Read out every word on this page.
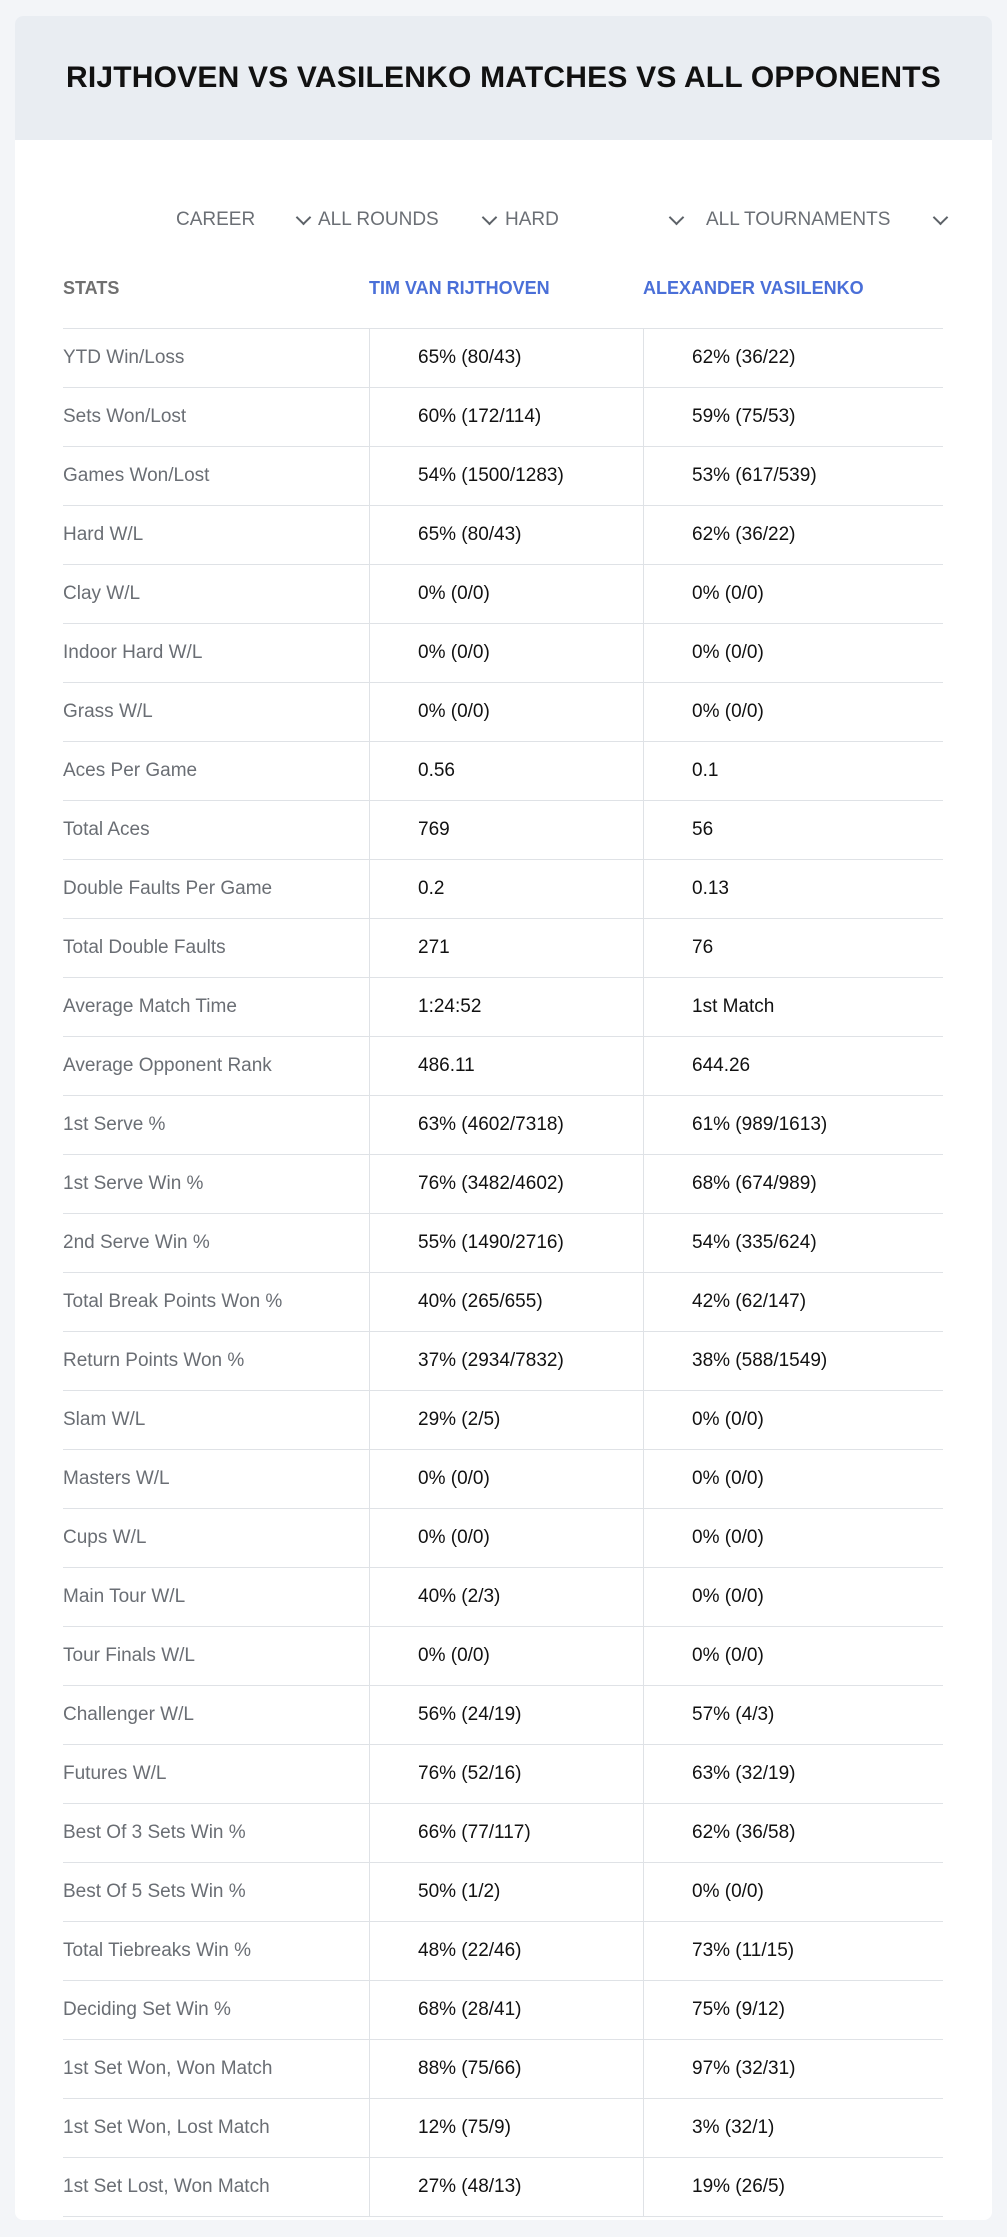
RIJTHOVEN VS VASILENKO MATCHES VS ALL OPPONENTS
CAREER	ALL ROUNDS	HARD	ALL TOURNAMENTS
STATS	TIM VAN RIJTHOVEN	ALEXANDER VASILENKO
YTD Win/Loss	65% (80/43)	62% (36/22)
Sets Won/Lost	60% (172/114)	59% (75/53)
Games Won/Lost	54% (1500/1283)	53% (617/539)
Hard W/L	65% (80/43)	62% (36/22)
Clay W/L	0% (0/0)	0% (0/0)
Indoor Hard W/L	0% (0/0)	0% (0/0)
Grass W/L	0% (0/0)	0% (0/0)
Aces Per Game	0.56	0.1
Total Aces	769	56
Double Faults Per Game	0.2	0.13
Total Double Faults	271	76
Average Match Time	1:24:52	1st Match
Average Opponent Rank	486.11	644.26
1st Serve %	63% (4602/7318)	61% (989/1613)
1st Serve Win %	76% (3482/4602)	68% (674/989)
2nd Serve Win %	55% (1490/2716)	54% (335/624)
Total Break Points Won %	40% (265/655)	42% (62/147)
Return Points Won %	37% (2934/7832)	38% (588/1549)
Slam W/L	29% (2/5)	0% (0/0)
Masters W/L	0% (0/0)	0% (0/0)
Cups W/L	0% (0/0)	0% (0/0)
Main Tour W/L	40% (2/3)	0% (0/0)
Tour Finals W/L	0% (0/0)	0% (0/0)
Challenger W/L	56% (24/19)	57% (4/3)
Futures W/L	76% (52/16)	63% (32/19)
Best Of 3 Sets Win %	66% (77/117)	62% (36/58)
Best Of 5 Sets Win %	50% (1/2)	0% (0/0)
Total Tiebreaks Win %	48% (22/46)	73% (11/15)
Deciding Set Win %	68% (28/41)	75% (9/12)
1st Set Won, Won Match	88% (75/66)	97% (32/31)
1st Set Won, Lost Match	12% (75/9)	3% (32/1)
1st Set Lost, Won Match	27% (48/13)	19% (26/5)
